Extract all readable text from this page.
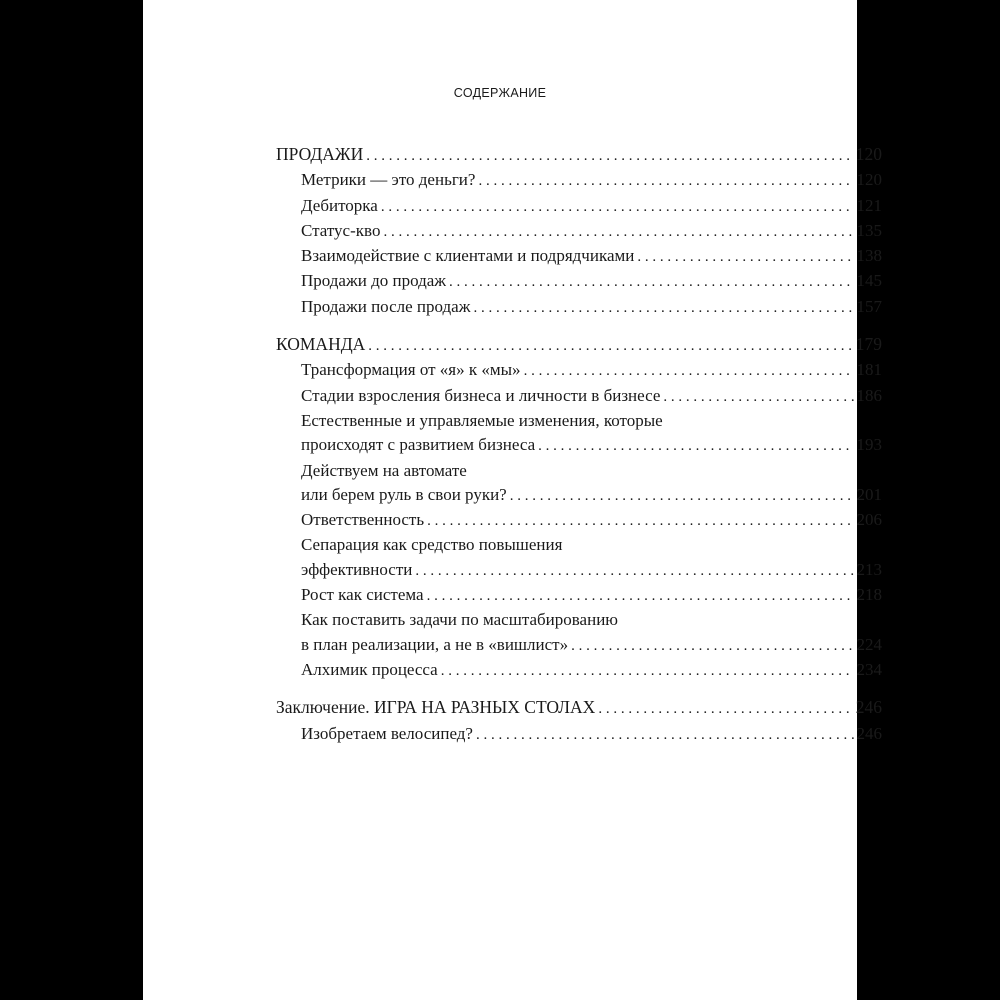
СОДЕРЖАНИЕ
ПРОДАЖИ . . .	120
Метрики — это деньги? . . .	120
Дебиторка . . .	121
Статус-кво . . .	135
Взаимодействие с клиентами и подрядчиками . . .	138
Продажи до продаж . . .	145
Продажи после продаж . . .	157
КОМАНДА . . .	179
Трансформация от «я» к «мы» . . .	181
Стадии взросления бизнеса и личности в бизнесе . . .	186
Естественные и управляемые изменения, которые
происходят с развитием бизнеса . . .	193
Действуем на автомате
или берем руль в свои руки? . . .	201
Ответственность . . .	206
Сепарация как средство повышения
эффективности . . .	213
Рост как система . . .	218
Как поставить задачи по масштабированию
в план реализации, а не в «вишлист» . . .	224
Алхимик процесса . . .	234
Заключение. ИГРА НА РАЗНЫХ СТОЛАХ . . .	246
Изобретаем велосипед? . . .	246
